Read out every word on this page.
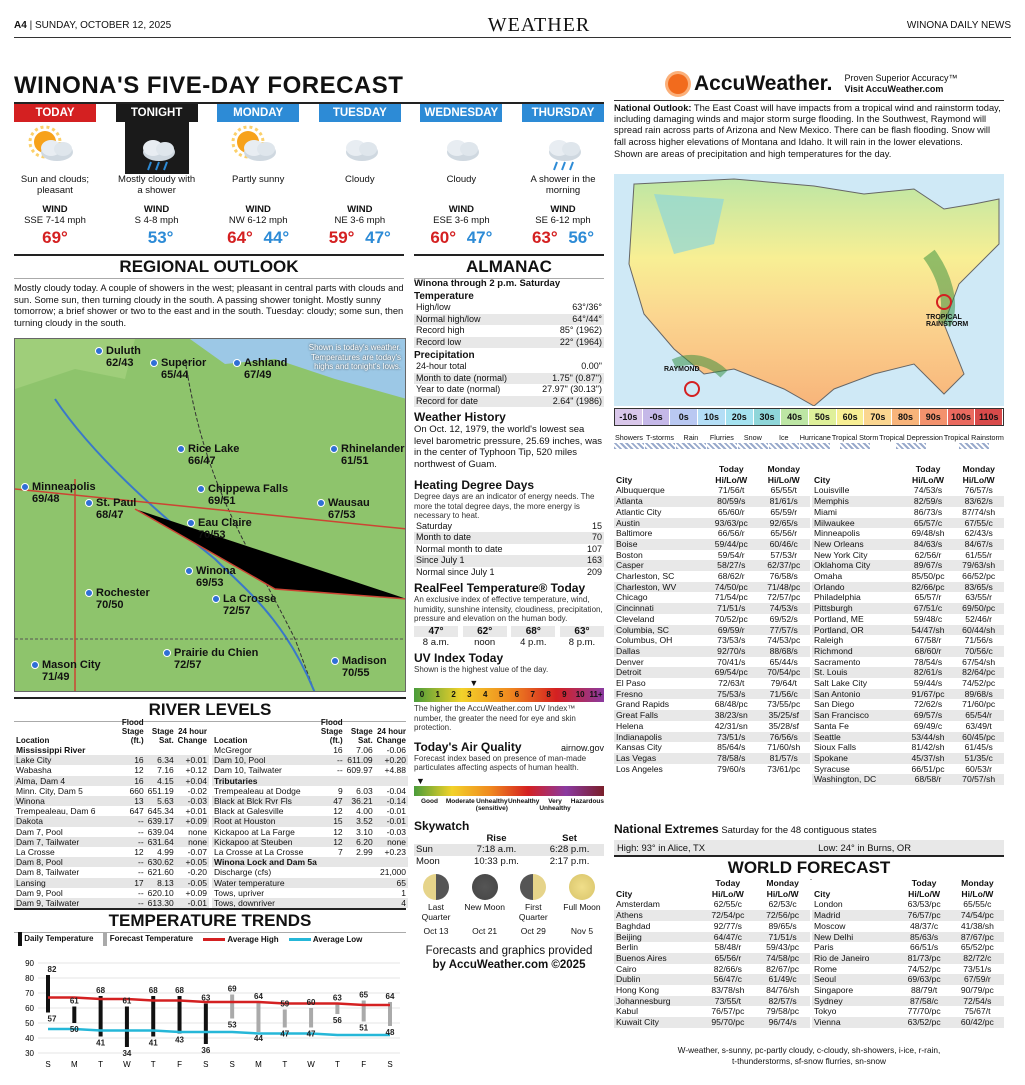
A4 | SUNDAY, OCTOBER 12, 2025	WEATHER	WINONA DAILY NEWS
WINONA'S FIVE-DAY FORECAST
TODAY
Sun and clouds; pleasant
WIND
SSE 7-14 mph
69°
TONIGHT
Mostly cloudy with a shower
WIND
S 4-8 mph
53°
MONDAY
Partly sunny
WIND
NW 6-12 mph
64° 44°
TUESDAY
Cloudy
WIND
NE 3-6 mph
59° 47°
WEDNESDAY
Cloudy
WIND
ESE 3-6 mph
60° 47°
THURSDAY
A shower in the morning
WIND
SE 6-12 mph
63° 56°
REGIONAL OUTLOOK
Mostly cloudy today. A couple of showers in the west; pleasant in central parts with clouds and sun. Some sun, then turning cloudy in the south. A passing shower tonight. Mostly sunny tomorrow; a brief shower or two to the east and in the south. Tuesday: cloudy; some sun, then turning cloudy in the south.
Shown is today's weather. Temperatures are today's highs and tonight's lows.
Duluth
62/43	Superior
65/44
Ashland
67/49
Rice Lake
66/47
Rhinelander
61/51
Minneapolis
69/48	St. Paul
68/47
Chippewa Falls
69/51
Eau Claire
70/53
Wausau
67/53
Winona
69/53
Rochester
70/50	La Crosse
72/57
Prairie du Chien
72/57	Madison
70/55
Mason City
71/49
ALMANAC
Winona through 2 p.m. Saturday
Temperature
High/low	63°/36°
Normal high/low	64°/44°
Record high	85° (1962)
Record low	22° (1964)
Precipitation
24-hour total	0.00"
Month to date (normal)	1.75" (0.87")
Year to date (normal)	27.97" (30.13")
Record for date	2.64" (1986)
Weather History
On Oct. 12, 1979, the world's lowest sea level barometric pressure, 25.69 inches, was in the center of Typhoon Tip, 520 miles northwest of Guam.
Heating Degree Days
Degree days are an indicator of energy needs. The more the total degree days, the more energy is necessary to heat.
Saturday	15
Month to date	70
Normal month to date	107
Since July 1	163
Normal since July 1	209
RealFeel Temperature® Today
An exclusive index of effective temperature, wind, humidity, sunshine intensity, cloudiness, precipitation, pressure and elevation on the human body.
47°
8 a.m.
62°
noon
68°
4 p.m.
63°
8 p.m.
UV Index Today
Shown is the highest value of the day.
▼
0	1	2	3	4	5	6	7	8	9	10 11+
The higher the AccuWeather.com UV Index™ number, the greater the need for eye and skin protection.
Today's Air Quality	airnow.gov
Forecast index based on presence of man-made particulates affecting aspects of human health.
▼
Good	Moderate Unhealthy (sensitive)
Unhealthy	Very Unhealthy
Hazardous
Skywatch
	Rise	Set
Sun	7:18 a.m.	6:28 p.m.
Moon	10:33 p.m.	2:17 p.m.
Last Quarter
Oct 13
New Moon
Oct 21
First Quarter
Oct 29
Full Moon
Nov 5
Forecasts and graphics provided
by AccuWeather.com ©2025
RIVER LEVELS
Location	Flood Stage (ft.)	Stage Sat.	24 hour Change
Mississippi River			
Lake City	16	6.34	+0.01
Wabasha	12	7.16	+0.12
Alma, Dam 4	16	4.15	+0.04
Minn. City, Dam 5	660	651.19	-0.02
Winona	13	5.63	-0.03
Trempealeau, Dam 6	647	645.34	+0.01
Dakota	--	639.17	+0.09
Dam 7, Pool	--	639.04	none
Dam 7, Tailwater	--	631.64	none
La Crosse	12	4.99	-0.07
Dam 8, Pool	--	630.62	+0.05
Dam 8, Tailwater	--	621.60	-0.20
Lansing	17	8.13	-0.05
Dam 9, Pool	--	620.10	+0.09
Dam 9, Tailwater	--	613.30	-0.01
Location	Flood Stage (ft.)	Stage Sat.	24 hour Change
McGregor	16	7.06	-0.06
Dam 10, Pool	--	611.09	+0.20
Dam 10, Tailwater	--	609.97	+4.88
Tributaries			
Trempealeau at Dodge	9	6.03	-0.04
Black at Blck Rvr Fls	47	36.21	-0.14
Black at Galesville	12	4.00	-0.01
Root at Houston	15	3.52	-0.01
Kickapoo at La Farge	12	3.10	-0.03
Kickapoo at Steuben	12	6.20	none
La Crosse at La Crosse	7	2.99	+0.23
Winona Lock and Dam 5a			
Discharge (cfs)			21,000
Water temperature			65
Tows, upriver			1
Tows, downriver			4
TEMPERATURE TRENDS
Daily Temperature	Forecast Temperature	Average High	Average Low
30
40
50
60
70
80
90
82
57
61
50
68
41
61
34
68
41
68
43
63
36
69
53
64
44
59
47
60
47
63
56
65
51
64
48
S	M	T	W	T	F	S	S	M	T	W	T	F	S
AccuWeather. Proven Superior Accuracy™
Visit AccuWeather.com
National Outlook: The East Coast will have impacts from a tropical wind and rainstorm today, including damaging winds and major storm surge flooding. In the Southwest, Raymond will spread rain across parts of Arizona and New Mexico. There can be flash flooding. Snow will fall across higher elevations of Montana and Idaho. It will rain in the lower elevations.
Shown are areas of precipitation and high temperatures for the day.
TROPICAL RAINSTORM
RAYMOND
-10s	-0s	0s	10s	20s	30s	40s	50s	60s	70s	80s	90s	100s 110s
Showers T-storms	Rain	Flurries	Snow	Ice	Hurricane Tropical Storm Tropical Depression Tropical Rainstorm
	Today	Monday
City	Hi/Lo/W	Hi/Lo/W
Albuquerque	71/56/t	65/55/t
Atlanta	80/59/s	81/61/s
Atlantic City	65/60/r	65/59/r
Austin	93/63/pc	92/65/s
Baltimore	66/56/r	65/56/r
Boise	59/44/pc	60/46/c
Boston	59/54/r	57/53/r
Casper	58/27/s	62/37/pc
Charleston, SC	68/62/r	76/58/s
Charleston, WV	74/50/pc	71/48/pc
Chicago	71/54/pc	72/57/pc
Cincinnati	71/51/s	74/53/s
Cleveland	70/52/pc	69/52/s
Columbia, SC	69/59/r	77/57/s
Columbus, OH	73/53/s	74/53/pc
Dallas	92/70/s	88/68/s
Denver	70/41/s	65/44/s
Detroit	69/54/pc	70/54/pc
El Paso	72/63/t	79/64/t
Fresno	75/53/s	71/56/c
Grand Rapids	68/48/pc	73/55/pc
Great Falls	38/23/sn	35/25/sf
Helena	42/31/sn	35/28/sf
Indianapolis	73/51/s	76/56/s
Kansas City	85/64/s	71/60/sh
Las Vegas	78/58/s	81/57/s
Los Angeles	79/60/s	73/61/pc
	Today	Monday
City	Hi/Lo/W	Hi/Lo/W
Louisville	74/53/s	76/57/s
Memphis	82/59/s	83/62/s
Miami	86/73/s	87/74/sh
Milwaukee	65/57/c	67/55/c
Minneapolis	69/48/sh	62/43/s
New Orleans	84/63/s	84/67/s
New York City	62/56/r	61/55/r
Oklahoma City	89/67/s	79/63/sh
Omaha	85/50/pc	66/52/pc
Orlando	82/66/pc	83/65/s
Philadelphia	65/57/r	63/55/r
Pittsburgh	67/51/c	69/50/pc
Portland, ME	59/48/c	52/46/r
Portland, OR	54/47/sh	60/44/sh
Raleigh	67/58/r	71/56/s
Richmond	68/60/r	70/56/c
Sacramento	78/54/s	67/54/sh
St. Louis	82/61/s	82/64/pc
Salt Lake City	59/44/s	74/52/pc
San Antonio	91/67/pc	89/68/s
San Diego	72/62/s	71/60/pc
San Francisco	69/57/s	65/54/r
Santa Fe	69/49/c	63/49/t
Seattle	53/44/sh	60/45/pc
Sioux Falls	81/42/sh	61/45/s
Spokane	45/37/sh	51/35/c
Syracuse	66/51/pc	60/53/r
Washington, DC	68/58/r	70/57/sh
National Extremes Saturday for the 48 contiguous states
High: 93° in Alice, TX	Low: 24° in Burns, OR
WORLD FORECAST
	Today	Monday
City	Hi/Lo/W	Hi/Lo/W
Amsterdam	62/55/c	62/53/c
Athens	72/54/pc	72/56/pc
Baghdad	92/77/s	89/65/s
Beijing	64/47/c	71/51/s
Berlin	58/48/r	59/43/pc
Buenos Aires	65/56/r	74/58/pc
Cairo	82/66/s	82/67/pc
Dublin	56/47/c	61/49/c
Hong Kong	83/78/sh	84/76/sh
Johannesburg	73/55/t	82/57/s
Kabul	76/57/pc	79/58/pc
Kuwait City	95/70/pc	96/74/s
	Today	Monday
City	Hi/Lo/W	Hi/Lo/W
London	63/53/pc	65/55/c
Madrid	76/57/pc	74/54/pc
Moscow	48/37/c	41/38/sh
New Delhi	85/63/s	87/67/pc
Paris	66/51/s	65/52/pc
Rio de Janeiro	81/73/pc	82/72/c
Rome	74/52/pc	73/51/s
Seoul	69/63/pc	67/59/r
Singapore	88/79/t	90/79/pc
Sydney	87/58/c	72/54/s
Tokyo	77/70/pc	75/67/t
Vienna	63/52/pc	60/42/pc
W-weather, s-sunny, pc-partly cloudy, c-cloudy, sh-showers, i-ice, r-rain,
t-thunderstorms, sf-snow flurries, sn-snow
